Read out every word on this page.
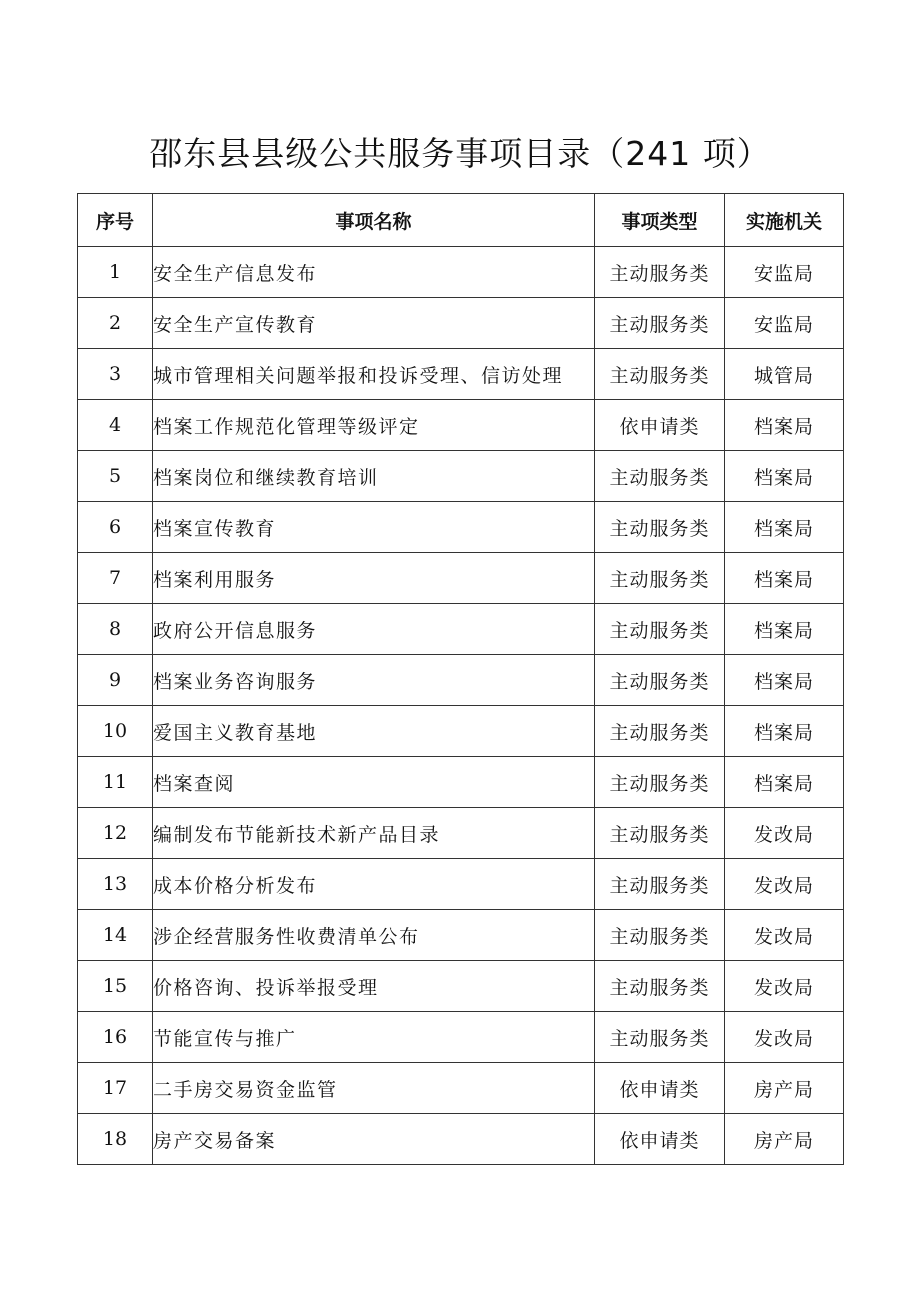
邵东县县级公共服务事项目录（241 项）
序号	事项名称	事项类型	实施机关
1	安全生产信息发布	主动服务类	安监局
2	安全生产宣传教育	主动服务类	安监局
3	城市管理相关问题举报和投诉受理、信访处理	主动服务类	城管局
4	档案工作规范化管理等级评定	依申请类	档案局
5	档案岗位和继续教育培训	主动服务类	档案局
6	档案宣传教育	主动服务类	档案局
7	档案利用服务	主动服务类	档案局
8	政府公开信息服务	主动服务类	档案局
9	档案业务咨询服务	主动服务类	档案局
10	爱国主义教育基地	主动服务类	档案局
11	档案查阅	主动服务类	档案局
12	编制发布节能新技术新产品目录	主动服务类	发改局
13	成本价格分析发布	主动服务类	发改局
14	涉企经营服务性收费清单公布	主动服务类	发改局
15	价格咨询、投诉举报受理	主动服务类	发改局
16	节能宣传与推广	主动服务类	发改局
17	二手房交易资金监管	依申请类	房产局
18	房产交易备案	依申请类	房产局
